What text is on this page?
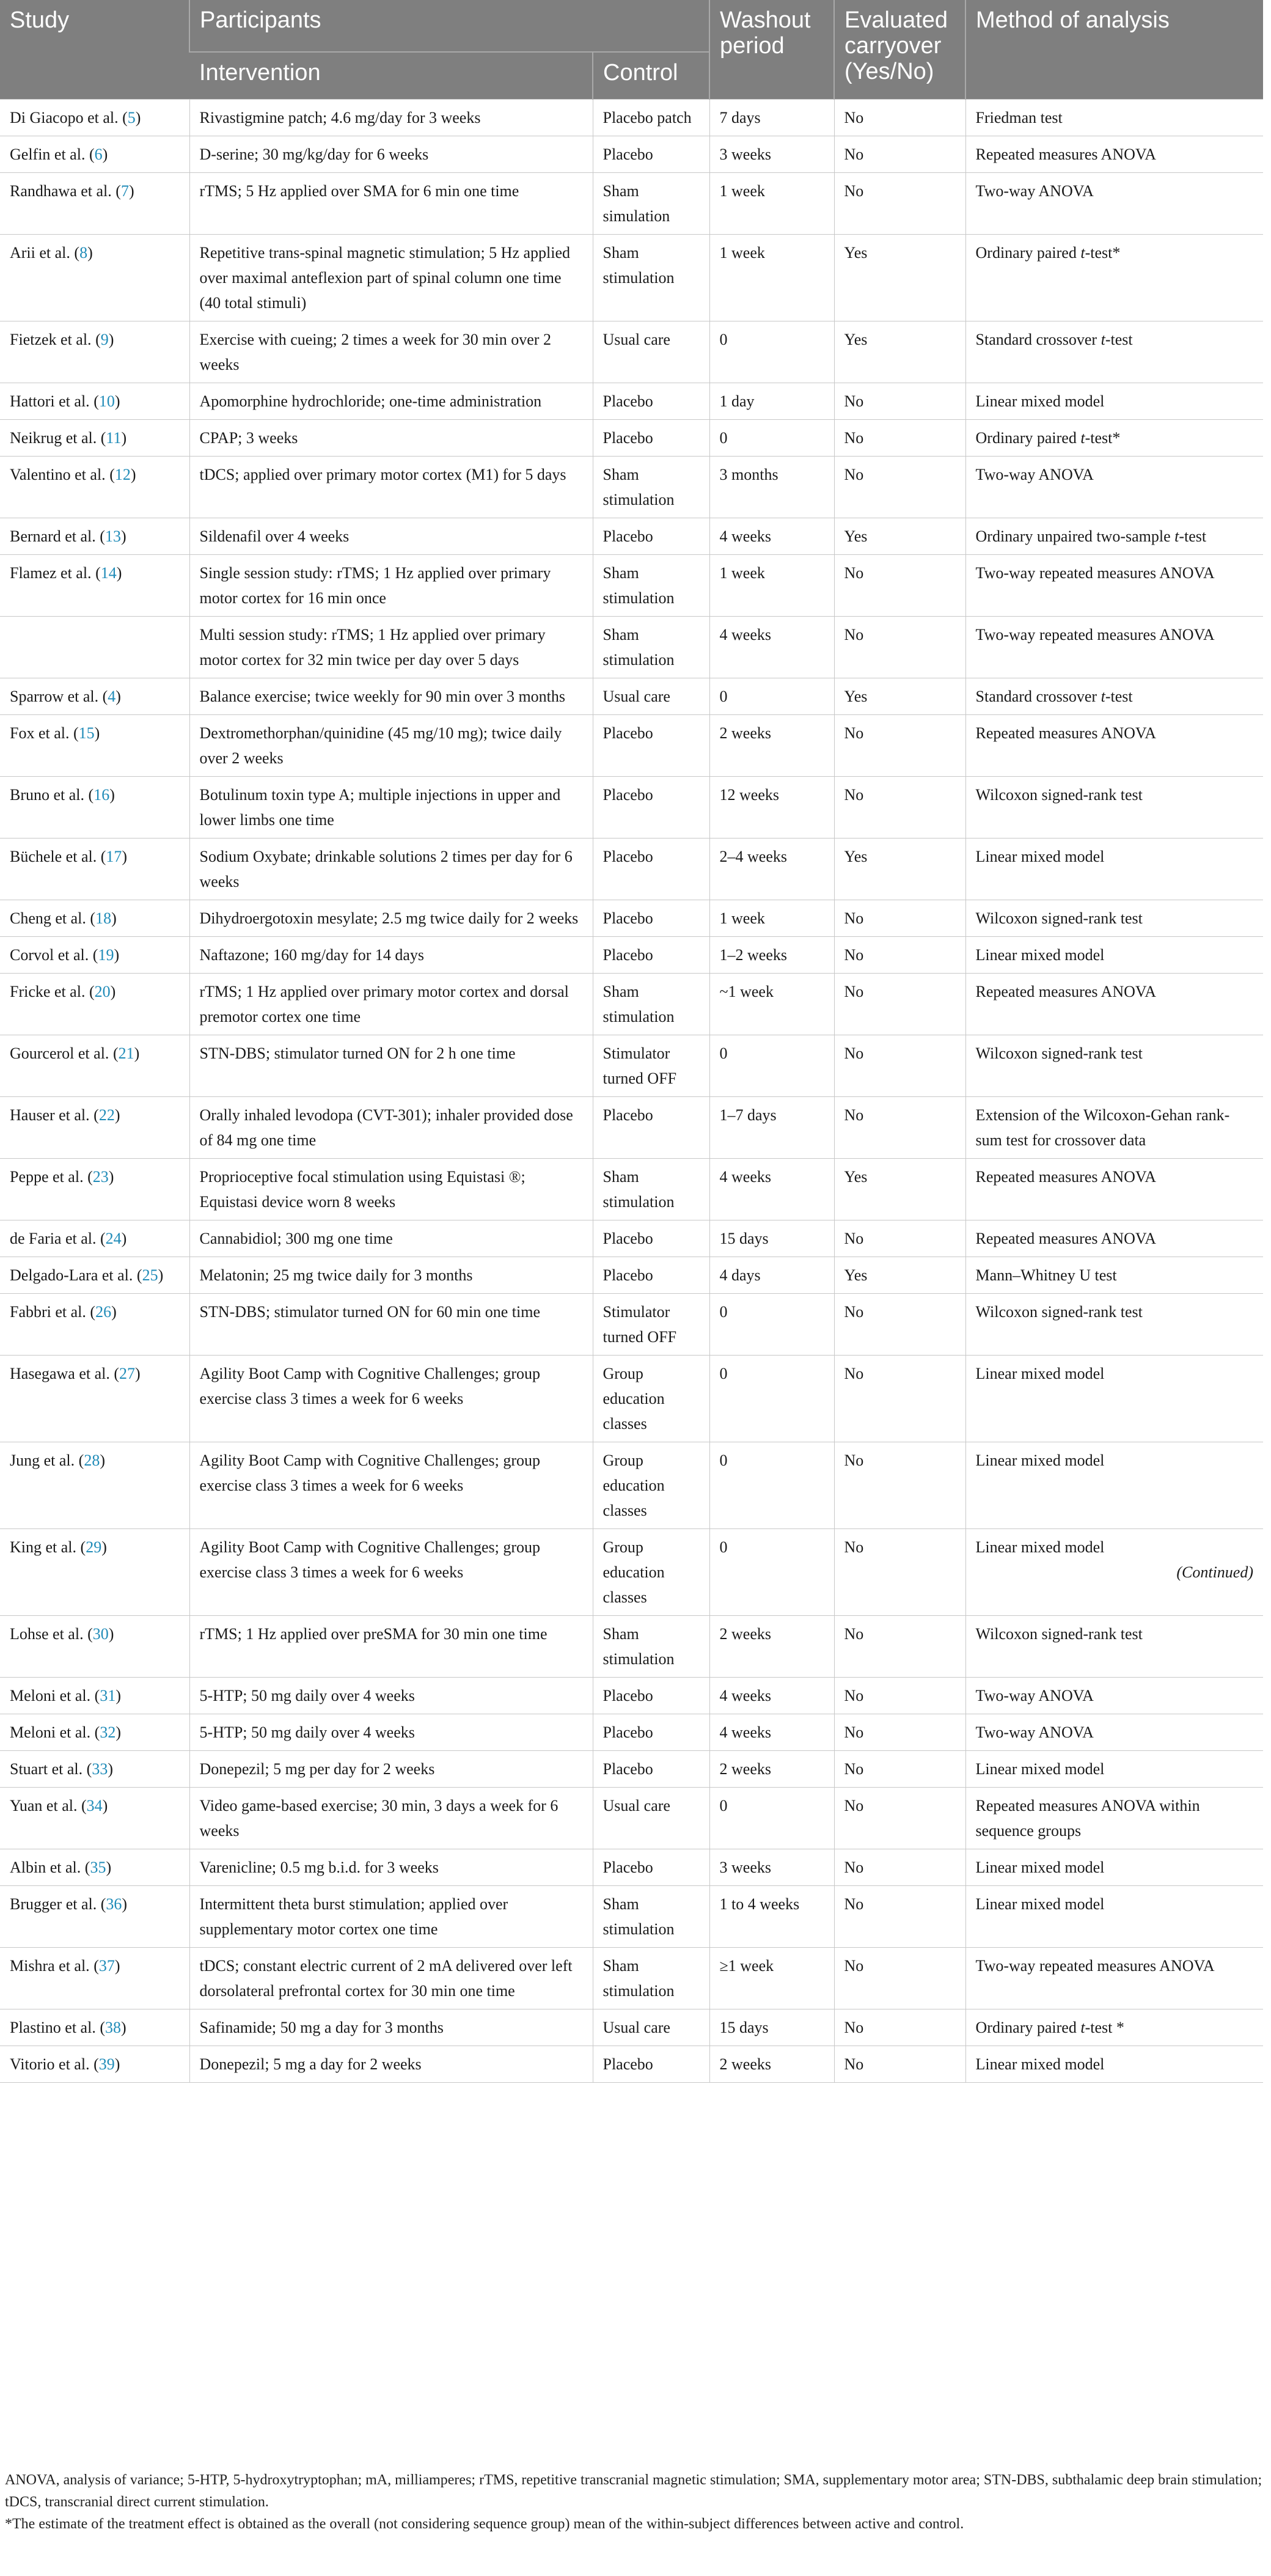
Study	Participants		Washout period	Evaluated carryover (Yes/No)	Method of analysis
	Intervention	Control			
Di Giacopo et al. (5)	Rivastigmine patch; 4.6 mg/day for 3 weeks	Placebo patch	7 days	No	Friedman test
Gelfin et al. (6)	D-serine; 30 mg/kg/day for 6 weeks	Placebo	3 weeks	No	Repeated measures ANOVA
Randhawa et al. (7)	rTMS; 5 Hz applied over SMA for 6 min one time	Sham simulation	1 week	No	Two-way ANOVA
Arii et al. (8)	Repetitive trans-spinal magnetic stimulation; 5 Hz applied over maximal anteflexion part of spinal column one time (40 total stimuli)	Sham stimulation	1 week	Yes	Ordinary paired t-test*
Fietzek et al. (9)	Exercise with cueing; 2 times a week for 30 min over 2 weeks	Usual care	0	Yes	Standard crossover t-test
Hattori et al. (10)	Apomorphine hydrochloride; one-time administration	Placebo	1 day	No	Linear mixed model
Neikrug et al. (11)	CPAP; 3 weeks	Placebo	0	No	Ordinary paired t-test*
Valentino et al. (12)	tDCS; applied over primary motor cortex (M1) for 5 days	Sham stimulation	3 months	No	Two-way ANOVA
Bernard et al. (13)	Sildenafil over 4 weeks	Placebo	4 weeks	Yes	Ordinary unpaired two-sample t-test
Flamez et al. (14)	Single session study: rTMS; 1 Hz applied over primary motor cortex for 16 min once	Sham stimulation	1 week	No	Two-way repeated measures ANOVA
	Multi session study: rTMS; 1 Hz applied over primary motor cortex for 32 min twice per day over 5 days	Sham stimulation	4 weeks	No	Two-way repeated measures ANOVA
Sparrow et al. (4)	Balance exercise; twice weekly for 90 min over 3 months	Usual care	0	Yes	Standard crossover t-test
Fox et al. (15)	Dextromethorphan/quinidine (45 mg/10 mg); twice daily over 2 weeks	Placebo	2 weeks	No	Repeated measures ANOVA
Bruno et al. (16)	Botulinum toxin type A; multiple injections in upper and lower limbs one time	Placebo	12 weeks	No	Wilcoxon signed-rank test
Büchele et al. (17)	Sodium Oxybate; drinkable solutions 2 times per day for 6 weeks	Placebo	2–4 weeks	Yes	Linear mixed model
Cheng et al. (18)	Dihydroergotoxin mesylate; 2.5 mg twice daily for 2 weeks	Placebo	1 week	No	Wilcoxon signed-rank test
Corvol et al. (19)	Naftazone; 160 mg/day for 14 days	Placebo	1–2 weeks	No	Linear mixed model
Fricke et al. (20)	rTMS; 1 Hz applied over primary motor cortex and dorsal premotor cortex one time	Sham stimulation	~1 week	No	Repeated measures ANOVA
Gourcerol et al. (21)	STN-DBS; stimulator turned ON for 2 h one time	Stimulator turned OFF	0	No	Wilcoxon signed-rank test
Hauser et al. (22)	Orally inhaled levodopa (CVT-301); inhaler provided dose of 84 mg one time	Placebo	1–7 days	No	Extension of the Wilcoxon-Gehan rank-sum test for crossover data
Peppe et al. (23)	Proprioceptive focal stimulation using Equistasi ®; Equistasi device worn 8 weeks	Sham stimulation	4 weeks	Yes	Repeated measures ANOVA
de Faria et al. (24)	Cannabidiol; 300 mg one time	Placebo	15 days	No	Repeated measures ANOVA
Delgado-Lara et al. (25)	Melatonin; 25 mg twice daily for 3 months	Placebo	4 days	Yes	Mann–Whitney U test
Fabbri et al. (26)	STN-DBS; stimulator turned ON for 60 min one time	Stimulator turned OFF	0	No	Wilcoxon signed-rank test
Hasegawa et al. (27)	Agility Boot Camp with Cognitive Challenges; group exercise class 3 times a week for 6 weeks	Group education classes	0	No	Linear mixed model
Jung et al. (28)	Agility Boot Camp with Cognitive Challenges; group exercise class 3 times a week for 6 weeks	Group education classes	0	No	Linear mixed model
King et al. (29)	Agility Boot Camp with Cognitive Challenges; group exercise class 3 times a week for 6 weeks	Group education classes	0	No	Linear mixed model
(Continued)

Lohse et al. (30)	rTMS; 1 Hz applied over preSMA for 30 min one time	Sham stimulation	2 weeks	No	Wilcoxon signed-rank test
Meloni et al. (31)	5-HTP; 50 mg daily over 4 weeks	Placebo	4 weeks	No	Two-way ANOVA
Meloni et al. (32)	5-HTP; 50 mg daily over 4 weeks	Placebo	4 weeks	No	Two-way ANOVA
Stuart et al. (33)	Donepezil; 5 mg per day for 2 weeks	Placebo	2 weeks	No	Linear mixed model
Yuan et al. (34)	Video game-based exercise; 30 min, 3 days a week for 6 weeks	Usual care	0	No	Repeated measures ANOVA within sequence groups
Albin et al. (35)	Varenicline; 0.5 mg b.i.d. for 3 weeks	Placebo	3 weeks	No	Linear mixed model
Brugger et al. (36)	Intermittent theta burst stimulation; applied over supplementary motor cortex one time	Sham stimulation	1 to 4 weeks	No	Linear mixed model
Mishra et al. (37)	tDCS; constant electric current of 2 mA delivered over left dorsolateral prefrontal cortex for 30 min one time	Sham stimulation	≥1 week	No	Two-way repeated measures ANOVA
Plastino et al. (38)	Safinamide; 50 mg a day for 3 months	Usual care	15 days	No	Ordinary paired t-test *
Vitorio et al. (39)	Donepezil; 5 mg a day for 2 weeks	Placebo	2 weeks	No	Linear mixed model

ANOVA, analysis of variance; 5-HTP, 5-hydroxytryptophan; mA, milliamperes; rTMS, repetitive transcranial magnetic stimulation; SMA, supplementary motor area; STN-DBS, subthalamic deep brain stimulation; tDCS, transcranial direct current stimulation.

*The estimate of the treatment effect is obtained as the overall (not considering sequence group) mean of the within-subject differences between active and control.
